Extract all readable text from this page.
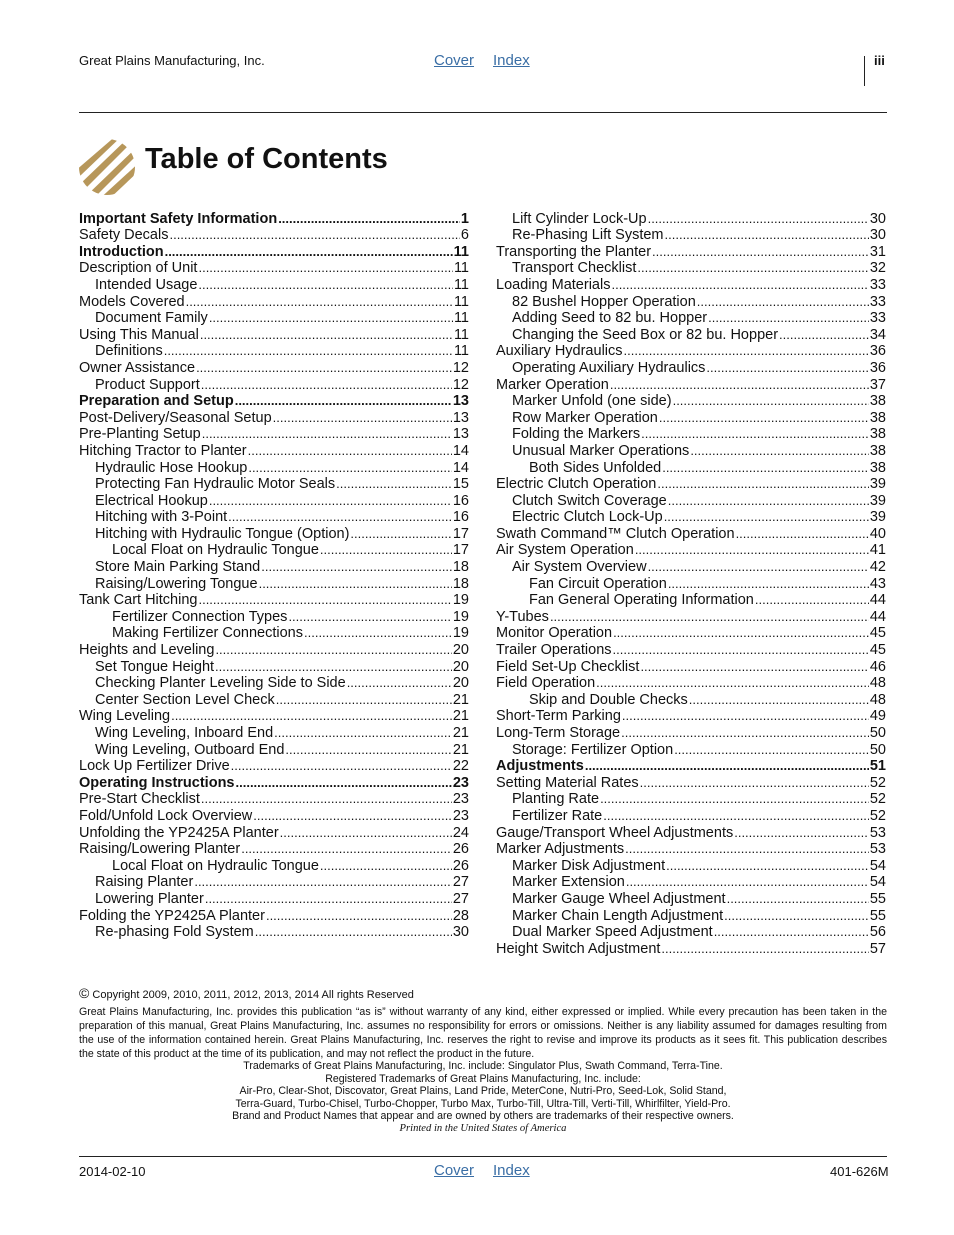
Great Plains Manufacturing, Inc.	Cover Index	iii
Table of Contents
Important Safety Information .....	1
Safety Decals .....	6
Introduction .....	11
Description of Unit .....	11
Intended Usage .....	11
Models Covered .....	11
Document Family .....	11
Using This Manual .....	11
Definitions .....	11
Owner Assistance .....	12
Product Support .....	12
Preparation and Setup .....	13
Post-Delivery/Seasonal Setup .....	13
Pre-Planting Setup .....	13
Hitching Tractor to Planter .....	14
Hydraulic Hose Hookup .....	14
Protecting Fan Hydraulic Motor Seals .....	15
Electrical Hookup .....	16
Hitching with 3-Point .....	16
Hitching with Hydraulic Tongue (Option) .....	17
Local Float on Hydraulic Tongue .....	17
Store Main Parking Stand .....	18
Raising/Lowering Tongue .....	18
Tank Cart Hitching .....	19
Fertilizer Connection Types .....	19
Making Fertilizer Connections .....	19
Heights and Leveling .....	20
Set Tongue Height .....	20
Checking Planter Leveling Side to Side .....	20
Center Section Level Check .....	21
Wing Leveling .....	21
Wing Leveling, Inboard End .....	21
Wing Leveling, Outboard End .....	21
Lock Up Fertilizer Drive .....	22
Operating Instructions .....	23
Pre-Start Checklist .....	23
Fold/Unfold Lock Overview .....	23
Unfolding the YP2425A Planter .....	24
Raising/Lowering Planter .....	26
Local Float on Hydraulic Tongue .....	26
Raising Planter .....	27
Lowering Planter .....	27
Folding the YP2425A Planter .....	28
Re-phasing Fold System .....	30
Lift Cylinder Lock-Up .....	30
Re-Phasing Lift System .....	30
Transporting the Planter .....	31
Transport Checklist .....	32
Loading Materials .....	33
82 Bushel Hopper Operation .....	33
Adding Seed to 82 bu. Hopper .....	33
Changing the Seed Box or 82 bu. Hopper .....	34
Auxiliary Hydraulics .....	36
Operating Auxiliary Hydraulics .....	36
Marker Operation .....	37
Marker Unfold (one side) .....	38
Row Marker Operation .....	38
Folding the Markers .....	38
Unusual Marker Operations .....	38
Both Sides Unfolded .....	38
Electric Clutch Operation .....	39
Clutch Switch Coverage .....	39
Electric Clutch Lock-Up .....	39
Swath Command™ Clutch Operation .....	40
Air System Operation .....	41
Air System Overview .....	42
Fan Circuit Operation .....	43
Fan General Operating Information .....	44
Y-Tubes .....	44
Monitor Operation .....	45
Trailer Operations .....	45
Field Set-Up Checklist .....	46
Field Operation .....	48
Skip and Double Checks .....	48
Short-Term Parking .....	49
Long-Term Storage .....	50
Storage: Fertilizer Option .....	50
Adjustments .....	51
Setting Material Rates .....	52
Planting Rate .....	52
Fertilizer Rate .....	52
Gauge/Transport Wheel Adjustments .....	53
Marker Adjustments .....	53
Marker Disk Adjustment .....	54
Marker Extension .....	54
Marker Gauge Wheel Adjustment .....	55
Marker Chain Length Adjustment .....	55
Dual Marker Speed Adjustment .....	56
Height Switch Adjustment .....	57
© Copyright 2009, 2010, 2011, 2012, 2013, 2014 All rights Reserved
Great Plains Manufacturing, Inc. provides this publication “as is” without warranty of any kind, either expressed or implied. While every precaution has been taken in the preparation of this manual, Great Plains Manufacturing, Inc. assumes no responsibility for errors or omissions. Neither is any liability assumed for damages resulting from the use of the information contained herein. Great Plains Manufacturing, Inc. reserves the right to revise and improve its products as it sees fit. This publication describes the state of this product at the time of its publication, and may not reflect the product in the future.
Trademarks of Great Plains Manufacturing, Inc. include: Singulator Plus, Swath Command, Terra-Tine.
Registered Trademarks of Great Plains Manufacturing, Inc. include:
Air-Pro, Clear-Shot, Discovator, Great Plains, Land Pride, MeterCone, Nutri-Pro, Seed-Lok, Solid Stand,
Terra-Guard, Turbo-Chisel, Turbo-Chopper, Turbo Max, Turbo-Till, Ultra-Till, Verti-Till, Whirlfilter, Yield-Pro.
Brand and Product Names that appear and are owned by others are trademarks of their respective owners.
Printed in the United States of America
2014-02-10	Cover Index	401-626M
